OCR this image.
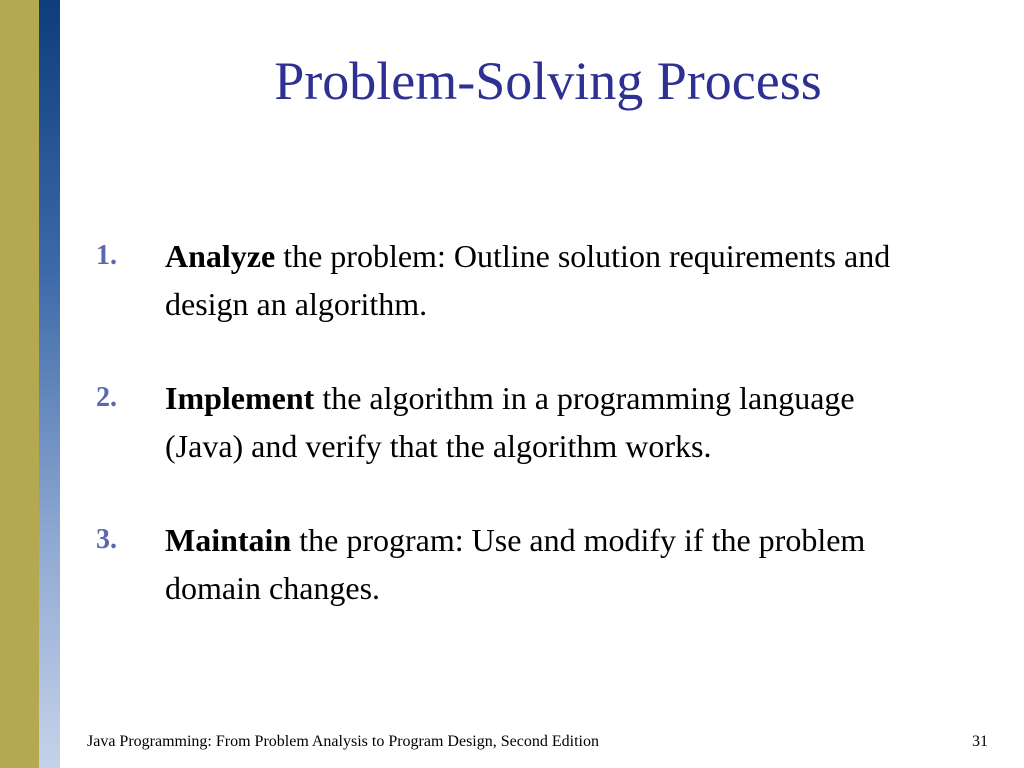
Problem-Solving Process
1. Analyze the problem: Outline solution requirements and design an algorithm.
2. Implement the algorithm in a programming language (Java) and verify that the algorithm works.
3. Maintain the program: Use and modify if the problem domain changes.
Java Programming: From Problem Analysis to Program Design, Second Edition	31
